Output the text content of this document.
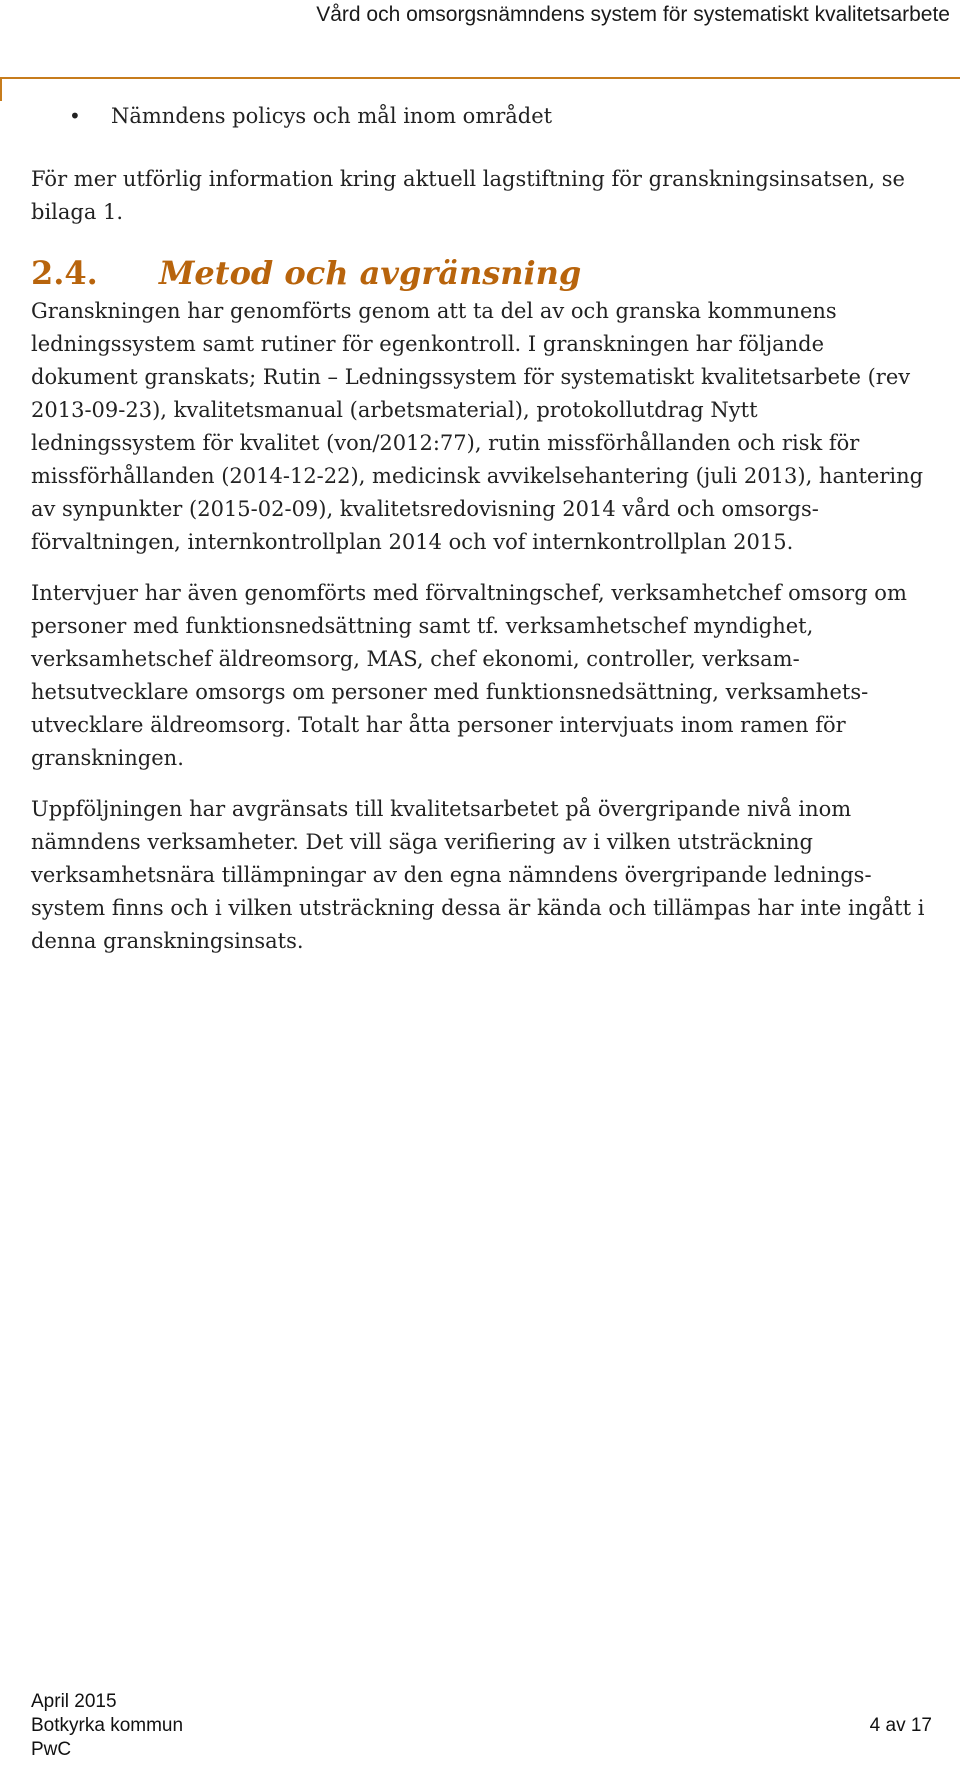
Vård och omsorgsnämndens system för systematiskt kvalitetsarbete
•	Nämndens policys och mål inom området

För mer utförlig information kring aktuell lagstiftning för granskningsinsatsen, se
bilaga 1.

2.4.	Metod och avgränsning

Granskningen har genomförts genom att ta del av och granska kommunens
ledningssystem samt rutiner för egenkontroll. I granskningen har följande
dokument granskats; Rutin – Ledningssystem för systematiskt kvalitetsarbete (rev
2013-09-23), kvalitetsmanual (arbetsmaterial), protokollutdrag Nytt
ledningssystem för kvalitet (von/2012:77), rutin missförhållanden och risk för
missförhållanden (2014-12-22), medicinsk avvikelsehantering (juli 2013), hantering
av synpunkter (2015-02-09), kvalitetsredovisning 2014 vård och omsorgs-
förvaltningen, internkontrollplan 2014 och vof internkontrollplan 2015.

Intervjuer har även genomförts med förvaltningschef, verksamhetchef omsorg om
personer med funktionsnedsättning samt tf. verksamhetschef myndighet,
verksamhetschef äldreomsorg, MAS, chef ekonomi, controller, verksam-
hetsutvecklare omsorgs om personer med funktionsnedsättning, verksamhets-
utvecklare äldreomsorg. Totalt har åtta personer intervjuats inom ramen för
granskningen.

Uppföljningen har avgränsats till kvalitetsarbetet på övergripande nivå inom
nämndens verksamheter. Det vill säga verifiering av i vilken utsträckning
verksamhetsnära tillämpningar av den egna nämndens övergripande lednings-
system finns och i vilken utsträckning dessa är kända och tillämpas har inte ingått i
denna granskningsinsats.

April 2015
Botkyrka kommun	4 av 17
PwC
